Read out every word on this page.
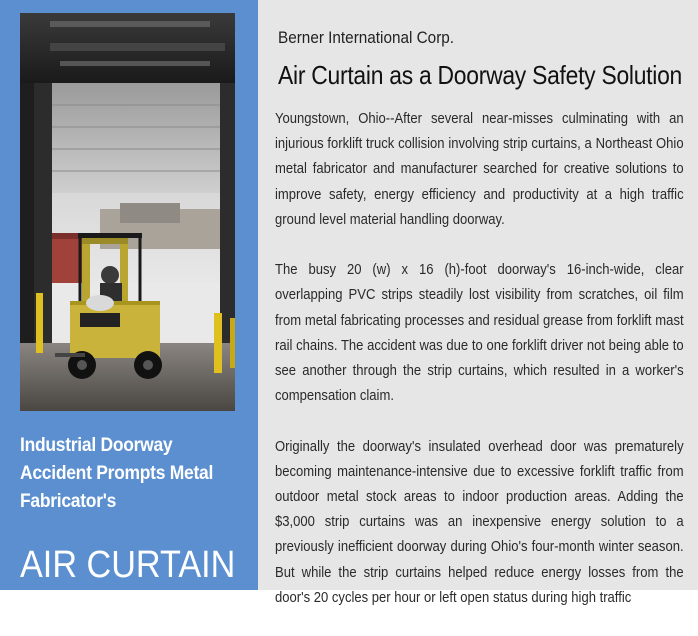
Industrial Doorway
Accident Prompts Metal
Fabricator's
AIR CURTAIN
Berner International Corp.
Air Curtain as a Doorway Safety Solution

Youngstown, Ohio--After several near-misses culminating with an injurious forklift truck collision involving strip curtains, a Northeast Ohio metal fabricator and manufacturer searched for creative solutions to improve safety, energy efficiency and productivity at a high traffic ground level material handling doorway.

The busy 20 (w) x 16 (h)-foot doorway's 16-inch-wide, clear overlapping PVC strips steadily lost visibility from scratches, oil film from metal fabricating processes and residual grease from forklift mast rail chains. The accident was due to one forklift driver not being able to see another through the strip curtains, which resulted in a worker's compensation claim.

Originally the doorway's insulated overhead door was prematurely becoming maintenance-intensive due to excessive forklift traffic from outdoor metal stock areas to indoor production areas. Adding the $3,000 strip curtains was an inexpensive energy solution to a previously inefficient doorway during Ohio's four-month winter season. But while the strip curtains helped reduce energy losses from the door's 20 cycles per hour or left open status during high traffic
